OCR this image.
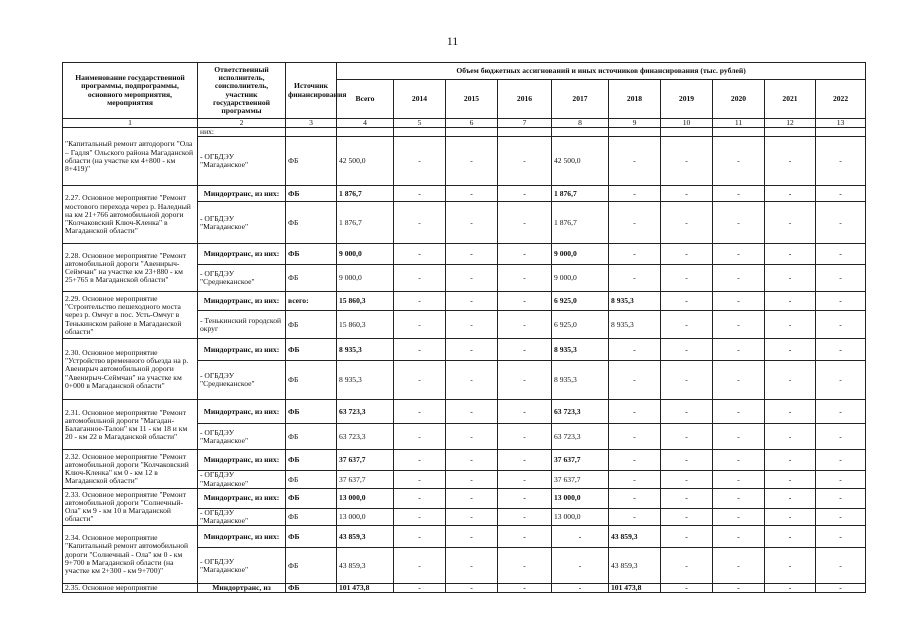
11
Наименование государственной программы, подпрограммы, основного мероприятия, мероприятия	Ответственный исполнитель, соисполнитель, участник государственной программы	Источник финансирования	Объем бюджетных ассигнований и иных источников финансирования (тыс. рублей)									
			Всего	2014	2015	2016	2017	2018	2019	2020	2021	2022
1	2	3	4	5	6	7	8	9	10	11	12	13
"Капитальный ремонт автодороги "Ола – Гадля" Ольского района Магаданской области (на участке км 4+800 - км 8+419)"	них:											
	- ОГБДЭУ "Магаданское"	ФБ	42 500,0	-	-	-	42 500,0	-	-	-	-	-
2.27. Основное мероприятие "Ремонт мостового перехода через р. Наледный на км 21+766 автомобильной дороги "Колчаковский Ключ-Кленка" в Магаданской области"	Миндортранс, из них:	ФБ	1 876,7	-	-	-	1 876,7	-	-	-	-	-
	- ОГБДЭУ "Магаданское"	ФБ	1 876,7	-	-	-	1 876,7	-	-	-	-	-
2.28. Основное мероприятие "Ремонт автомобильной дороги "Авенирыч-Сеймчан" на участке км 23+880 - км 25+765 в Магаданской области"	Миндортранс, из них:	ФБ	9 000,0	-	-	-	9 000,0	-	-	-	-	-
	- ОГБДЭУ "Среднеканское"	ФБ	9 000,0	-	-	-	9 000,0	-	-	-	-	-
2.29. Основное мероприятие "Строительство пешеходного моста через р. Омчуг в пос. Усть-Омчуг в Тенькинском районе в Магаданской области"	Миндортранс, из них:	всего:	15 860,3	-	-	-	6 925,0	8 935,3	-	-	-	-
	- Тенькинский городской округ	ФБ	15 860,3	-	-	-	6 925,0	8 935,3	-	-	-	-
2.30. Основное мероприятие "Устройство временного объезда на р. Авенирыч автомобильной дороги "Авенирыч-Сеймчан" на участке км 0+000 в Магаданской области"	Миндортранс, из них:	ФБ	8 935,3	-	-	-	8 935,3	-	-	-	-	-
	- ОГБДЭУ "Среднеканское"	ФБ	8 935,3	-	-	-	8 935,3	-	-	-	-	-
2.31. Основное мероприятие "Ремонт автомобильной дороги "Магадан-Балаганное-Талон" км 11 - км 18 и км 20 - км 22 в Магаданской области"	Миндортранс, из них:	ФБ	63 723,3	-	-	-	63 723,3	-	-	-	-	-
	- ОГБДЭУ "Магаданское"	ФБ	63 723,3	-	-	-	63 723,3	-	-	-	-	-
2.32. Основное мероприятие "Ремонт автомобильной дороги "Колчаковский Ключ-Кленка" км 0 - км 12 в Магаданской области"	Миндортранс, из них:	ФБ	37 637,7	-	-	-	37 637,7	-	-	-	-	-
	- ОГБДЭУ "Магаданское"	ФБ	37 637,7	-	-	-	37 637,7	-	-	-	-	-
2.33. Основное мероприятие "Ремонт автомобильной дороги "Солнечный-Ола" км 9 - км 10 в Магаданской области"	Миндортранс, из них:	ФБ	13 000,0	-	-	-	13 000,0	-	-	-	-	-
	- ОГБДЭУ "Магаданское"	ФБ	13 000,0	-	-	-	13 000,0	-	-	-	-	-
2.34. Основное мероприятие "Капитальный ремонт автомобильной дороги "Солнечный - Ола" км 0 - км 9+700 в Магаданской области (на участке км 2+300 - км 9+700)"	Миндортранс, из них:	ФБ	43 859,3	-	-	-	-	43 859,3	-	-	-	-
	- ОГБДЭУ "Магаданское"	ФБ	43 859,3	-	-	-	-	43 859,3	-	-	-	-
2.35. Основное мероприятие	Миндортранс, из	ФБ	101 473,8	-	-	-	-	101 473,8	-	-	-	-
